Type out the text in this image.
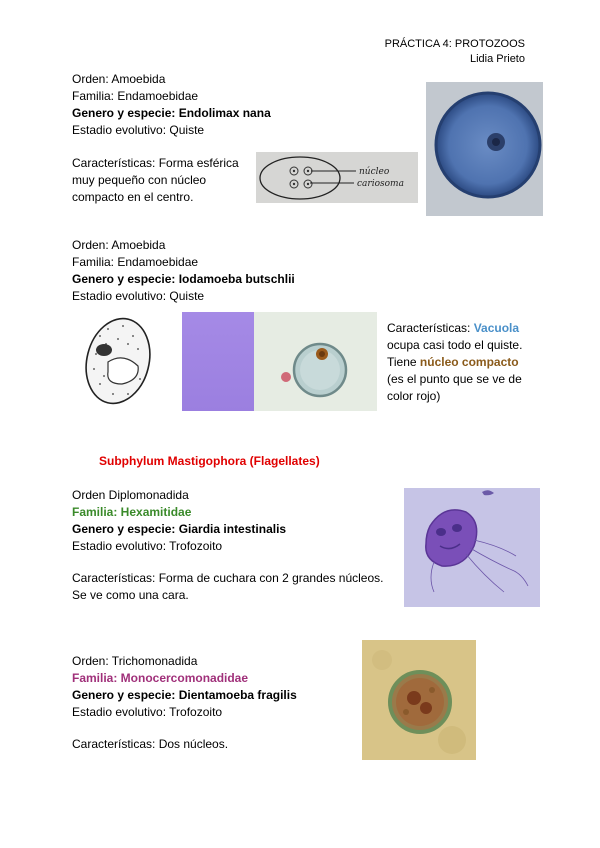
PRÁCTICA 4: PROTOZOOS
Lidia Prieto
Orden: Amoebida
Familia: Endamoebidae
Genero y especie: Endolimax nana
Estadio evolutivo: Quiste
Características: Forma esférica
muy pequeño con núcleo
compacto en el centro.
núcleo
cariosoma
Orden: Amoebida
Familia: Endamoebidae
Genero y especie: Iodamoeba butschlii
Estadio evolutivo: Quiste
Características: Vacuola
ocupa casi todo el quiste.
Tiene núcleo compacto
(es el punto que se ve de
color rojo)
Subphylum Mastigophora (Flagellates)
Orden Diplomonadida
Familia: Hexamitidae
Genero y especie: Giardia intestinalis
Estadio evolutivo: Trofozoito
Características: Forma de cuchara con 2 grandes núcleos.
Se ve como una cara.
Orden: Trichomonadida
Familia: Monocercomonadidae
Genero y especie: Dientamoeba fragilis
Estadio evolutivo: Trofozoito
Características: Dos núcleos.
